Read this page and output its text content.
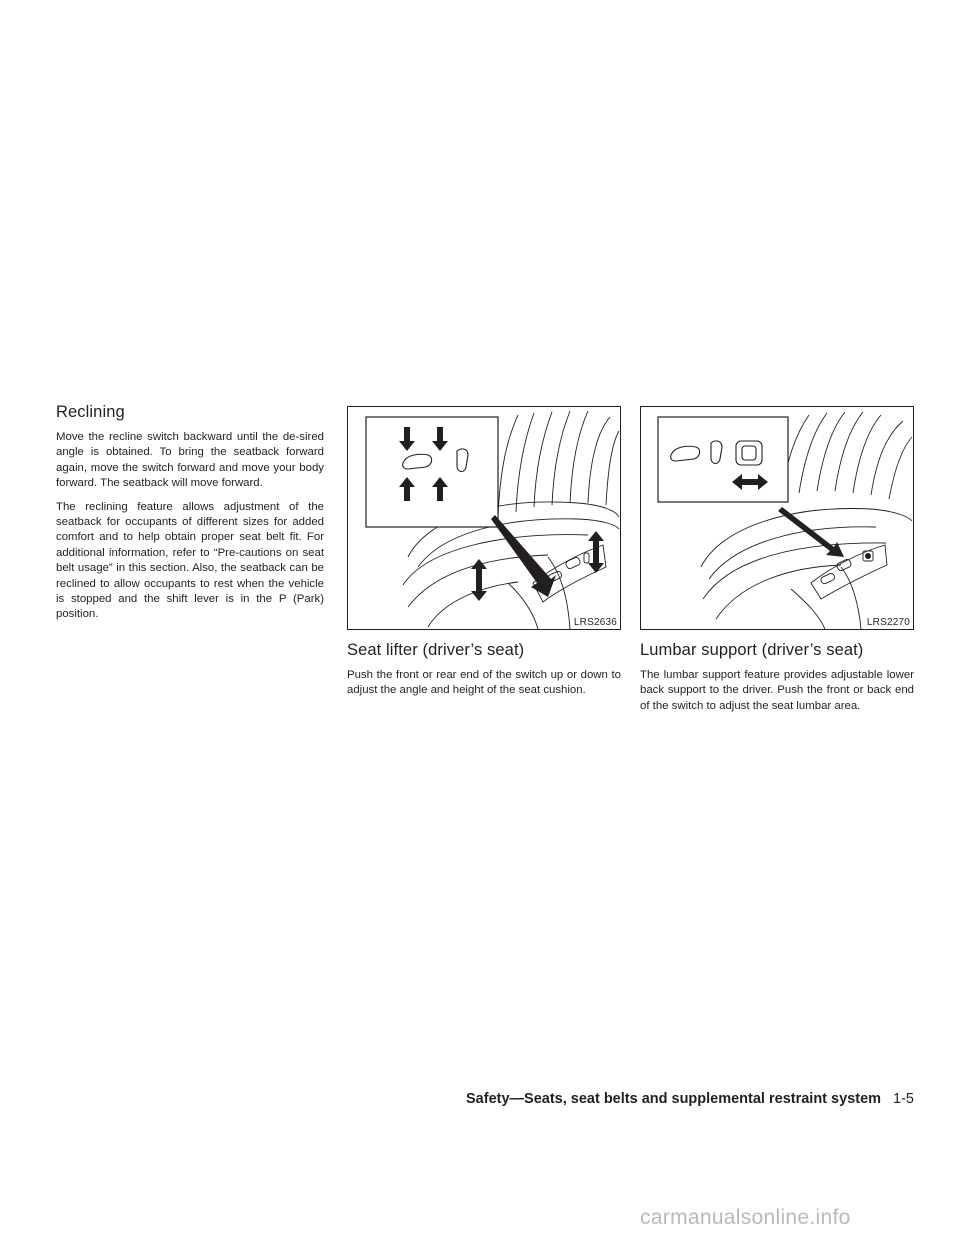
Reclining

Move the recline switch backward until the de-sired angle is obtained. To bring the seatback forward again, move the switch forward and move your body forward. The seatback will move forward.

The reclining feature allows adjustment of the seatback for occupants of different sizes for added comfort and to help obtain proper seat belt fit. For additional information, refer to “Pre-cautions on seat belt usage” in this section. Also, the seatback can be reclined to allow occupants to rest when the vehicle is stopped and the shift lever is in the P (Park) position.

LRS2636
Seat lifter (driver’s seat)

Push the front or rear end of the switch up or down to adjust the angle and height of the seat cushion.

LRS2270
Lumbar support (driver’s seat)

The lumbar support feature provides adjustable lower back support to the driver. Push the front or back end of the switch to adjust the seat lumbar area.

Safety—Seats, seat belts and supplemental restraint system 1-5
carmanualsonline.info
